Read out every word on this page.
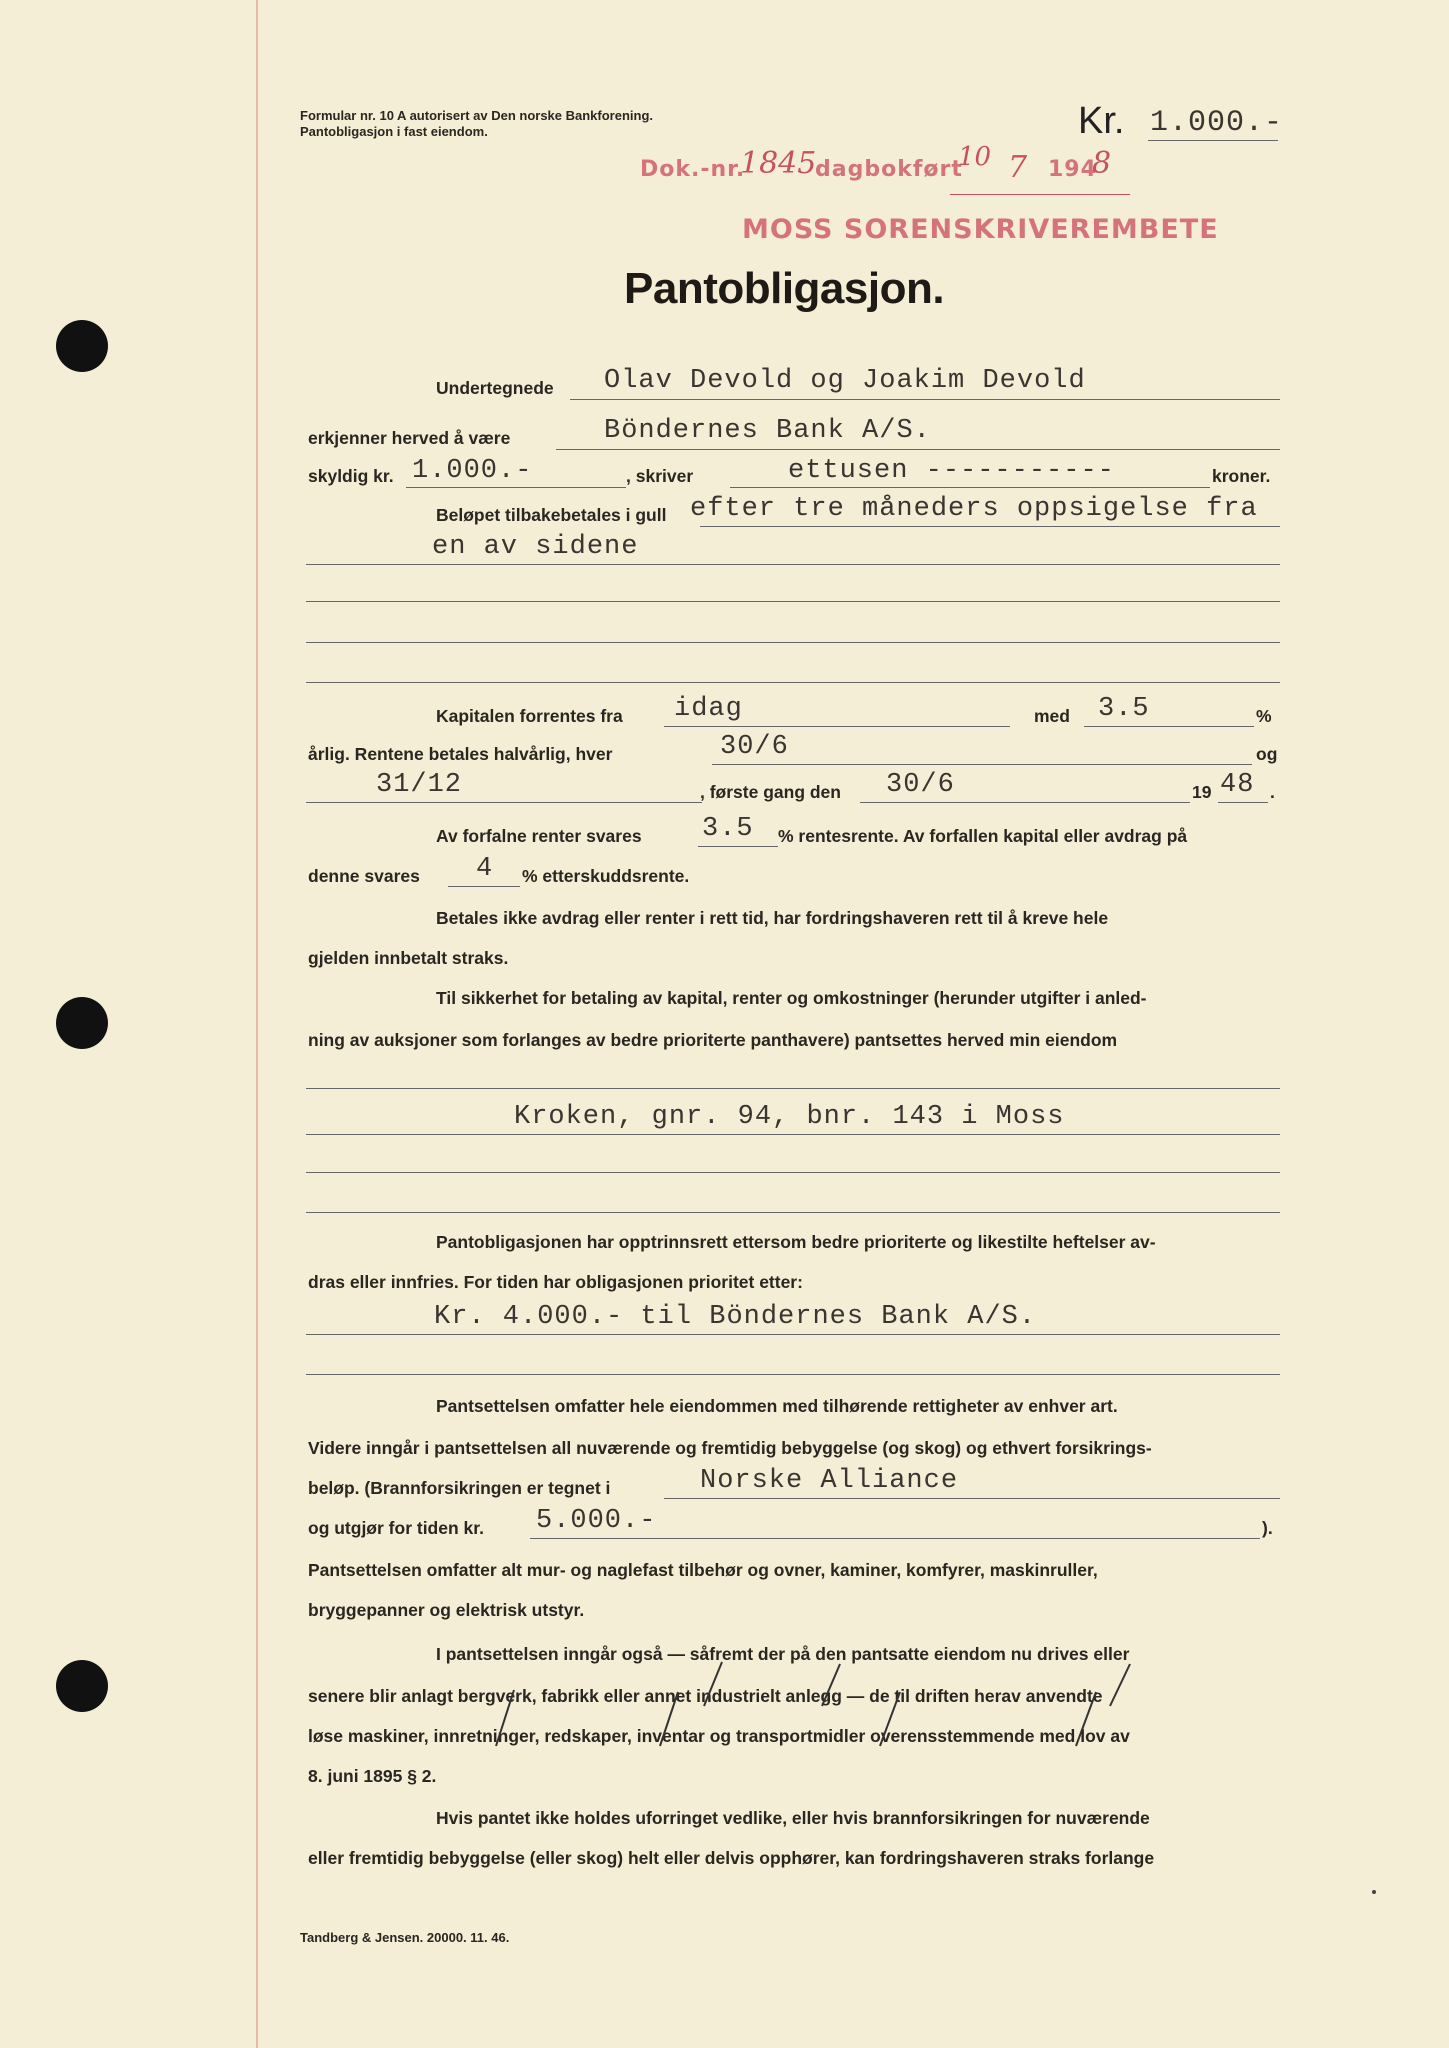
Formular nr. 10 A autorisert av Den norske Bankforening.
Pantobligasjon i fast eiendom.	Kr. 1.000.-
Dok.-nr.
1845
dagbokført
10 7 194
8
MOSS SORENSKRIVEREMBETE
Pantobligasjon.
Undertegnede Olav Devold og Joakim Devold
erkjenner herved å være	Böndernes Bank A/S.
skyldig kr. 1.000.-	, skriver	ettusen -----------	kroner.
Beløpet tilbakebetales i gull efter tre måneders oppsigelse fra
en av sidene
Kapitalen forrentes fra idag	med 3.5	%
årlig. Rentene betales halvårlig, hver	30/6	og
31/12	, første gang den 30/6	19 48 .
Av forfalne renter svares 3.5 % rentesrente. Av forfallen kapital eller avdrag på
denne svares 4 % etterskuddsrente.
Betales ikke avdrag eller renter i rett tid, har fordringshaveren rett til å kreve hele
gjelden innbetalt straks.
Til sikkerhet for betaling av kapital, renter og omkostninger (herunder utgifter i anled-
ning av auksjoner som forlanges av bedre prioriterte panthavere) pantsettes herved min eiendom
Kroken, gnr. 94, bnr. 143 i Moss
Pantobligasjonen har opptrinnsrett ettersom bedre prioriterte og likestilte heftelser av-
dras eller innfries. For tiden har obligasjonen prioritet etter:
Kr. 4.000.- til Böndernes Bank A/S.
Pantsettelsen omfatter hele eiendommen med tilhørende rettigheter av enhver art.
Videre inngår i pantsettelsen all nuværende og fremtidig bebyggelse (og skog) og ethvert forsikrings-
beløp. (Brannforsikringen er tegnet i	Norske Alliance
og utgjør for tiden kr. 5.000.-	).
Pantsettelsen omfatter alt mur- og naglefast tilbehør og ovner, kaminer, komfyrer, maskinruller,
bryggepanner og elektrisk utstyr.
I pantsettelsen inngår også — såfremt der på den pantsatte eiendom nu drives eller
senere blir anlagt bergverk, fabrikk eller annet industrielt anlegg — de til driften herav anvendte
løse maskiner, innretninger, redskaper, inventar og transportmidler overensstemmende med lov av
8. juni 1895 § 2.
Hvis pantet ikke holdes uforringet vedlike, eller hvis brannforsikringen for nuværende
eller fremtidig bebyggelse (eller skog) helt eller delvis opphører, kan fordringshaveren straks forlange
Tandberg & Jensen. 20000. 11. 46.
